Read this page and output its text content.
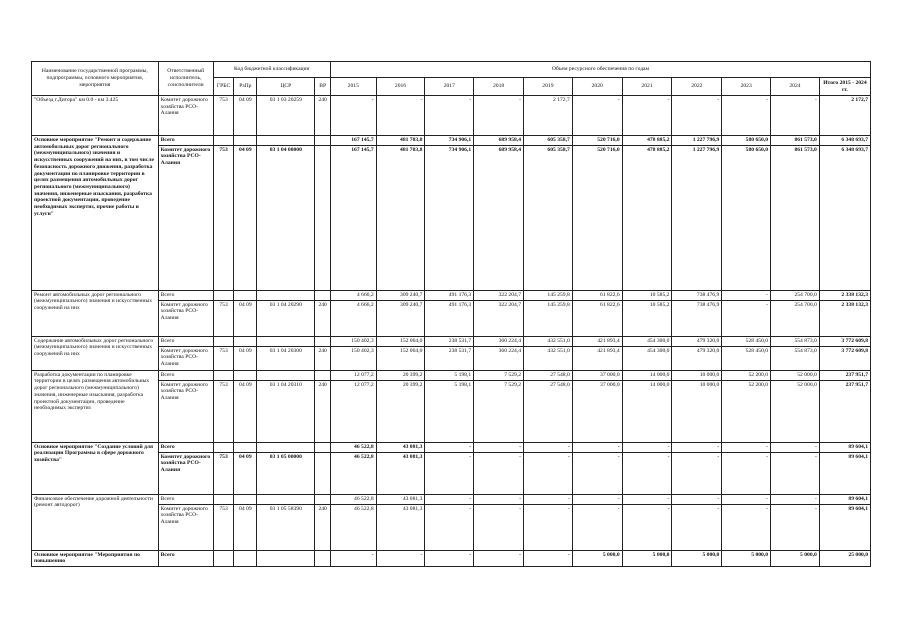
Наименование государственной программы, подпрограммы, основного мероприятия, мероприятия	Ответственный исполнитель, соисполнители	Код бюджетной классификации				Объем ресурсного обеспечения по годам										
		ГРБС	РзПр	ЦСР	ВР	2015	2016	2017	2018	2019	2020	2021	2022	2023	2024	Итого 2015 - 2024 гг.
"Объезд г.Дигора" км 0.0 - км 3.425	Комитет дорожного хозяйства РСО-Алания	753	04 09	03 1 03 20259	240	-	-	-	-	2 172,7	-	-	-	-	-	2 172,7
Основное мероприятие "Ремонт и содержание автомобильных дорог регионального (межмуниципального) значения и искусственных сооружений на них, в том числе безопасность дорожного движения, разработка документации по планировке территории в целях размещения автомобильных дорог регионального (межмуниципального) значения, инженерные изыскания, разработка проектной документации, проведение необходимых экспертиз, прочие работы и услуги"	Всего					167 145,7	481 703,8	734 906,1	689 958,4	605 358,7	520 716,0	478 885,2	1 227 796,9	580 650,0	861 573,0	6 348 693,7
	Комитет дорожного хозяйства РСО-Алания	753	04 09	03 1 04 00000		167 145,7	481 703,8	734 906,1	689 958,4	605 358,7	520 716,0	478 885,2	1 227 796,9	580 650,0	861 573,0	6 348 693,7
Ремонт автомобильных дорог регионального (межмуниципального) значения и искусственных сооружений на них	Всего					4 666,2	309 240,7	491 176,3	322 204,7	145 259,8	61 822,6	10 585,2	738 476,9	-	254 700,0	2 338 132,3
	Комитет дорожного хозяйства РСО-Алания	753	04 09	03 1 04 20290	240	4 666,2	309 240,7	491 176,3	322 204,7	145 259,8	61 822,6	10 585,2	738 476,9	-	254 700,0	2 338 132,3
Содержание автомобильных дорог регионального (межмуниципального) значения и искусственных сооружений на них	Всего					150 402,3	152 064,0	238 531,7	360 224,4	432 551,0	421 893,4	454 300,0	479 320,0	528 450,0	554 873,0	3 772 609,8
	Комитет дорожного хозяйства РСО-Алания	753	04 09	03 1 04 20300	240	150 402,3	152 064,0	238 531,7	360 224,4	432 551,0	421 893,4	454 300,0	479 320,0	528 450,0	554 873,0	3 772 609,8
Разработка документации по планировке территории в целях размещения автомобильных дорог регионального (межмуниципального) значения, инженерные изыскания, разработка проектной документации, проведение необходимых экспертиз	Всего					12 077,2	20 399,2	5 198,1	7 529,2	27 548,0	37 000,0	14 000,0	10 000,0	52 200,0	52 000,0	237 951,7
	Комитет дорожного хозяйства РСО-Алания	753	04 09	03 1 04 20310	240	12 077,2	20 399,2	5 198,1	7 529,2	27 548,0	37 000,0	14 000,0	10 000,0	52 200,0	52 000,0	237 951,7
Основное мероприятие "Создание условий для реализации Программы в сфере дорожного хозяйства"	Всего					46 522,8	43 081,3	-	-	-	-	-	-	-	-	89 604,1
	Комитет дорожного хозяйства РСО-Алания	753	04 09	03 1 05 00000		46 522,8	43 081,3	-	-	-	-	-	-	-	-	89 604,1
Финансовое обеспечение дорожной деятельности (ремонт автодорог)	Всего					46 522,8	43 081,3	-	-	-	-	-	-	-	-	89 604,1
	Комитет дорожного хозяйства РСО-Алания	753	04 09	03 1 05 58390	240	46 522,8	43 081,3	-	-	-	-	-	-	-	-	89 604,1
Основное мероприятие "Мероприятия по повышению	Всего					-	-	-	-	-	5 000,0	5 000,0	5 000,0	5 000,0	5 000,0	25 000,0
